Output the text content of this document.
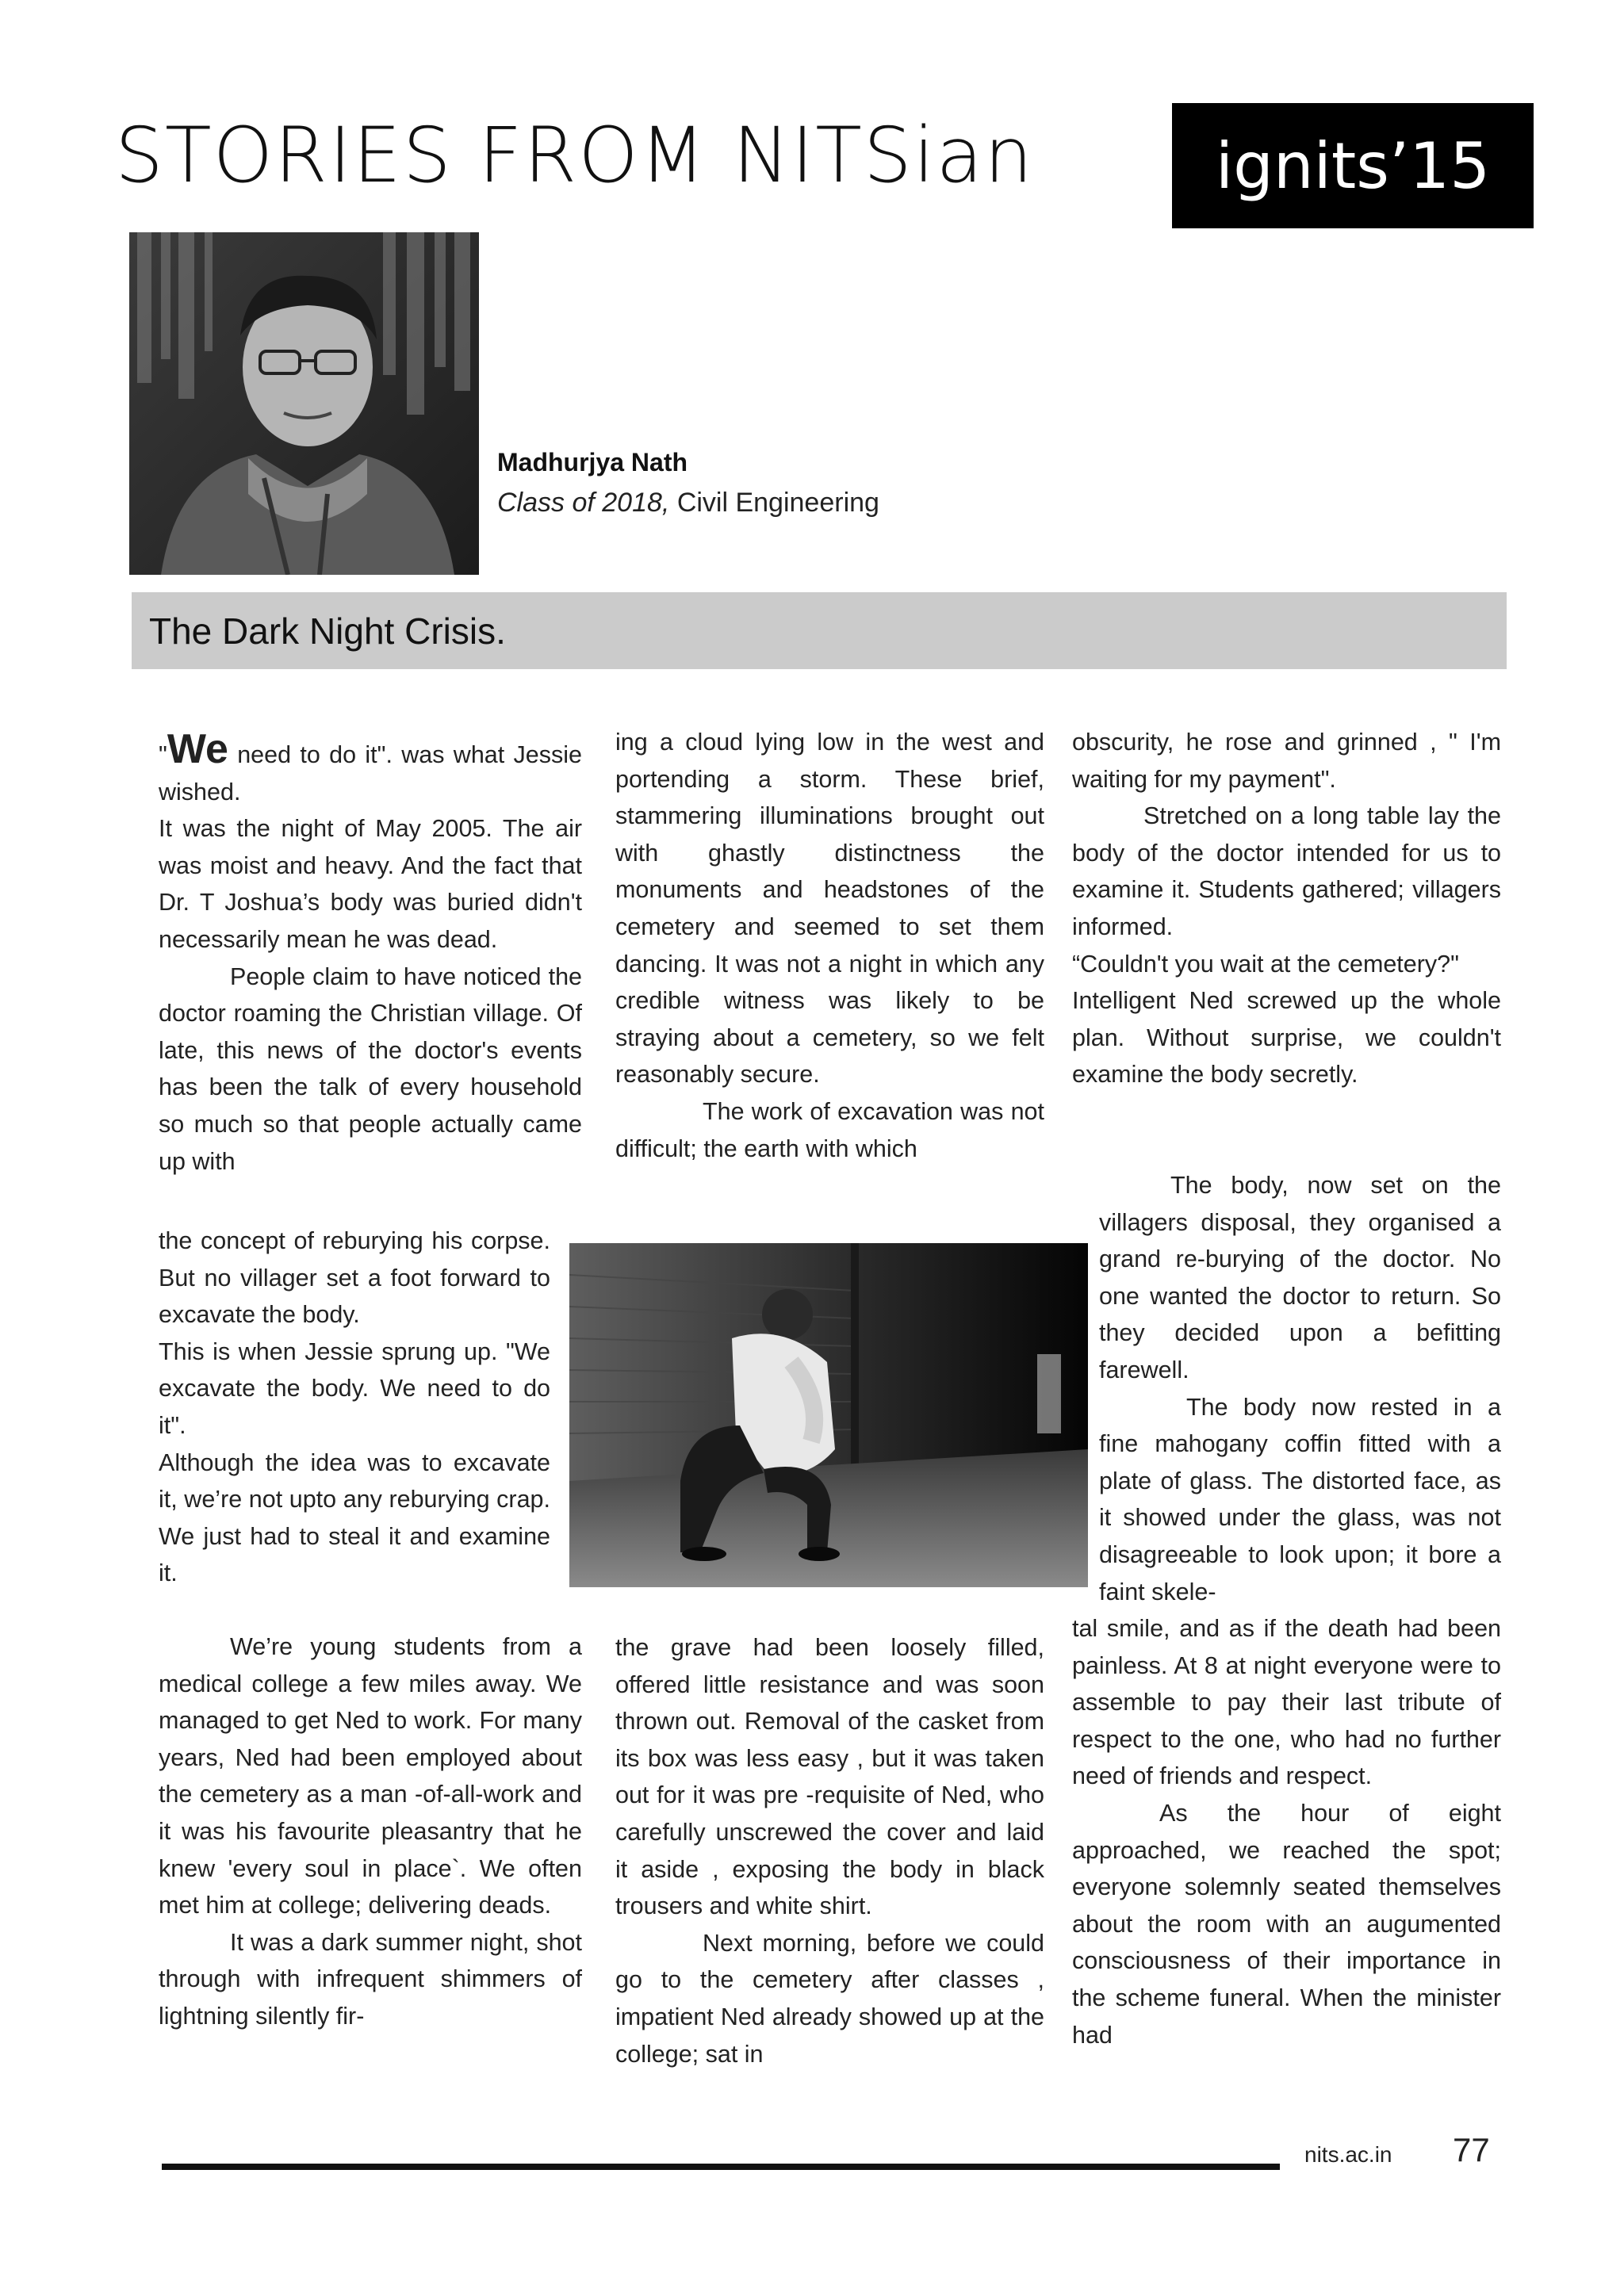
STORIES FROM NITSian	ignits’15
Madhurjya Nath
Class of 2018, Civil Engineering
The Dark Night Crisis.

"We need to do it". was what Jessie wished.

It was the night of May 2005. The air was moist and heavy. And the fact that Dr. T Joshua’s body was buried didn't necessarily mean he was dead.

People claim to have noticed the doctor roaming the Christian village. Of late, this news of the doctor's events has been the talk of every household so much so that people actually came up with

the concept of reburying his corpse. But no villager set a foot forward to excavate the body.

This is when Jessie sprung up. "We excavate the body. We need to do it".

Although the idea was to excavate it, we’re not upto any reburying crap. We just had to steal it and examine it.

We’re young students from a medical college a few miles away. We managed to get Ned to work. For many years, Ned had been employed about the cemetery as a man -of-all-work and it was his favourite pleasantry that he knew 'every soul in place`. We often met him at college; delivering deads.

It was a dark summer night, shot through with infrequent shimmers of lightning silently fir-

ing a cloud lying low in the west and portending a storm. These brief, stammering illuminations brought out with ghastly distinctness the monuments and headstones of the cemetery and seemed to set them dancing. It was not a night in which any credible witness was likely to be straying about a cemetery, so we felt reasonably secure.

The work of excavation was not difficult; the earth with which

the grave had been loosely filled, offered little resistance and was soon thrown out. Removal of the casket from its box was less easy , but it was taken out for it was pre -requisite of Ned, who carefully unscrewed the cover and laid it aside , exposing the body in black trousers and white shirt.

Next morning, before we could go to the cemetery after classes , impatient Ned already showed up at the college; sat in

obscurity, he rose and grinned , " I'm waiting for my payment".

Stretched on a long table lay the body of the doctor intended for us to examine it. Students gathered; villagers informed.

“Couldn't you wait at the cemetery?"

Intelligent Ned screwed up the whole plan. Without surprise, we couldn't examine the body secretly.

The body, now set on the villagers disposal, they organised a grand re-burying of the doctor. No one wanted the doctor to return. So they decided upon a befitting farewell.

The body now rested in a fine mahogany coffin fitted with a plate of glass. The distorted face, as it showed under the glass, was not disagreeable to look upon; it bore a faint skele-

tal smile, and as if the death had been painless. At 8 at night everyone were to assemble to pay their last tribute of respect to the one, who had no further need of friends and respect.

As the hour of eight approached, we reached the spot; everyone solemnly seated themselves about the room with an augumented consciousness of their importance in the scheme funeral. When the minister had

nits.ac.in 77
